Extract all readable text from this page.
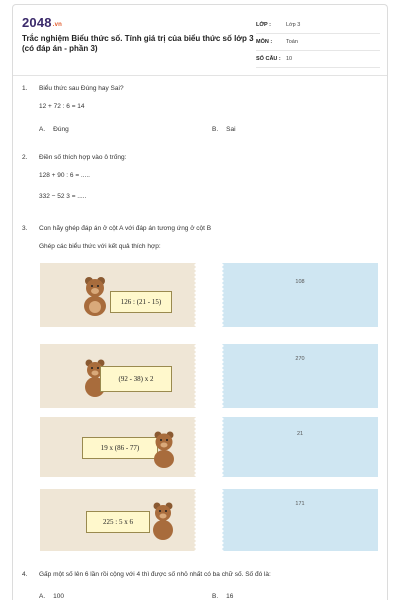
2048.vn
Trắc nghiệm Biểu thức số. Tính giá trị của biểu thức số lớp 3 (có đáp án - phần 3)
LỚP :	Lớp 3
MÔN :	Toán
SỐ CÂU : 10
1. Biểu thức sau Đúng hay Sai?
12 + 72 : 6 = 14
A. Đúng	B. Sai
2. Điền số thích hợp vào ô trống:
128 + 90 : 6 = .....
332 − 52 3 = .....
3. Con hãy ghép đáp án ở cột A với đáp án tương ứng ở cột B
Ghép các biểu thức với kết quả thích hợp:
126 : (21 - 15)
(92 - 38) x 2
19 x (86 - 77)
225 : 5 x 6
108
270
21
171
4. Gấp một số lên 6 lần rồi cộng với 4 thì được số nhỏ nhất có ba chữ số. Số đó là:
A. 100	B. 16
